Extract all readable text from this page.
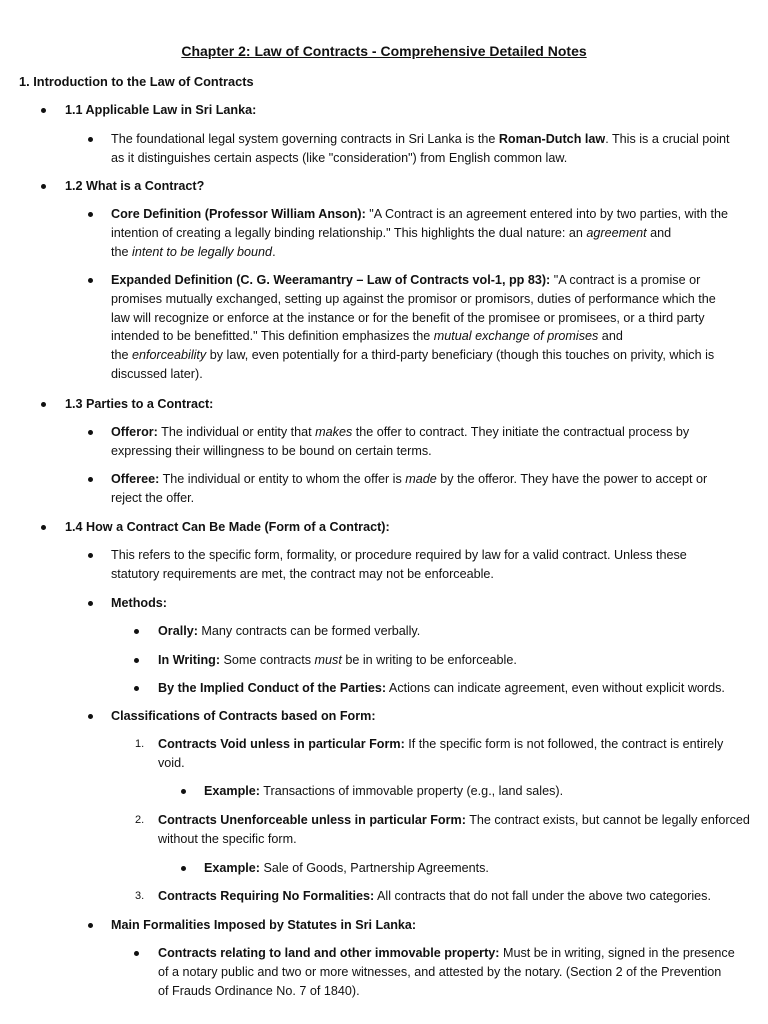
Chapter 2: Law of Contracts - Comprehensive Detailed Notes
1. Introduction to the Law of Contracts
1.1 Applicable Law in Sri Lanka:
The foundational legal system governing contracts in Sri Lanka is the Roman-Dutch law. This is a crucial point
as it distinguishes certain aspects (like "consideration") from English common law.
1.2 What is a Contract?
Core Definition (Professor William Anson): "A Contract is an agreement entered into by two parties, with the
intention of creating a legally binding relationship." This highlights the dual nature: an agreement and
the intent to be legally bound.
Expanded Definition (C. G. Weeramantry – Law of Contracts vol-1, pp 83): "A contract is a promise or
promises mutually exchanged, setting up against the promisor or promisors, duties of performance which the
law will recognize or enforce at the instance or for the benefit of the promisee or promisees, or a third party
intended to be benefitted." This definition emphasizes the mutual exchange of promises and
the enforceability by law, even potentially for a third-party beneficiary (though this touches on privity, which is
discussed later).
1.3 Parties to a Contract:
Offeror: The individual or entity that makes the offer to contract. They initiate the contractual process by
expressing their willingness to be bound on certain terms.
Offeree: The individual or entity to whom the offer is made by the offeror. They have the power to accept or
reject the offer.
1.4 How a Contract Can Be Made (Form of a Contract):
This refers to the specific form, formality, or procedure required by law for a valid contract. Unless these
statutory requirements are met, the contract may not be enforceable.
Methods:
Orally: Many contracts can be formed verbally.
In Writing: Some contracts must be in writing to be enforceable.
By the Implied Conduct of the Parties: Actions can indicate agreement, even without explicit words.
Classifications of Contracts based on Form:
1. Contracts Void unless in particular Form: If the specific form is not followed, the contract is entirely
void.
Example: Transactions of immovable property (e.g., land sales).
2. Contracts Unenforceable unless in particular Form: The contract exists, but cannot be legally enforced
without the specific form.
Example: Sale of Goods, Partnership Agreements.
3. Contracts Requiring No Formalities: All contracts that do not fall under the above two categories.
Main Formalities Imposed by Statutes in Sri Lanka:
Contracts relating to land and other immovable property: Must be in writing, signed in the presence
of a notary public and two or more witnesses, and attested by the notary. (Section 2 of the Prevention
of Frauds Ordinance No. 7 of 1840).
